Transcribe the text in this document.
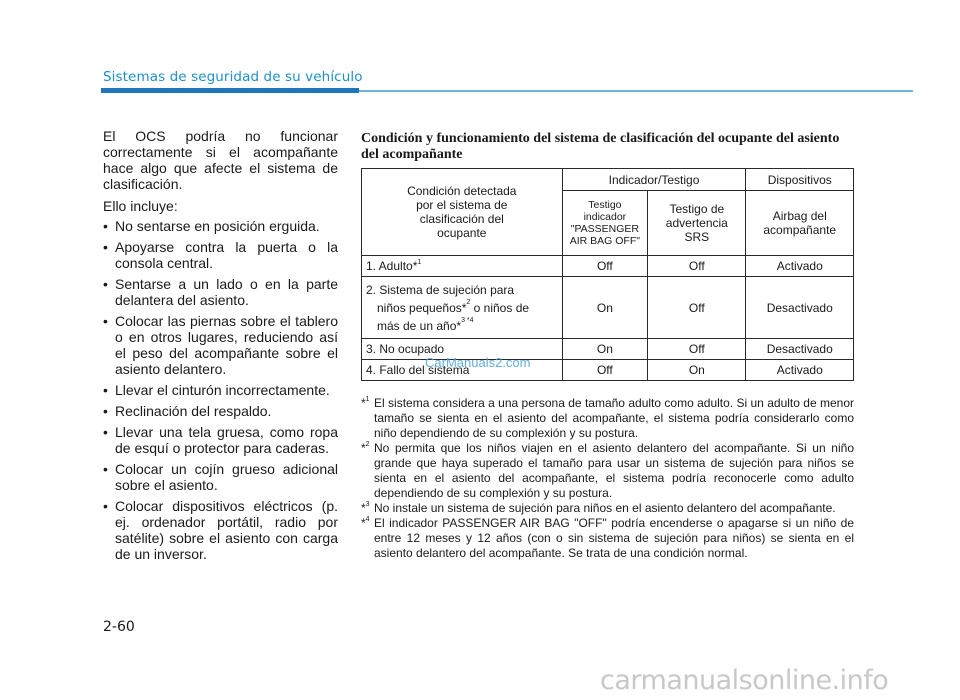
Sistemas de seguridad de su vehículo

El OCS podría no funcionar correctamente si el acompañante hace algo que afecte el sistema de clasificación.

Ello incluye:

• No sentarse en posición erguida.
• Apoyarse contra la puerta o la consola central.
• Sentarse a un lado o en la parte delantera del asiento.
• Colocar las piernas sobre el tablero o en otros lugares, reduciendo así el peso del acompañante sobre el asiento delantero.
• Llevar el cinturón incorrectamente.
• Reclinación del respaldo.
• Llevar una tela gruesa, como ropa de esquí o protector para caderas.
• Colocar un cojín grueso adicional sobre el asiento.
• Colocar dispositivos eléctricos (p. ej. ordenador portátil, radio por satélite) sobre el asiento con carga de un inversor.

Condición y funcionamiento del sistema de clasificación del ocupante del asiento del acompañante

Condición detectada por el sistema de clasificación del ocupante	Indicador/Testigo		Dispositivos
	Testigo indicador "PASSENGER AIR BAG OFF"	Testigo de advertencia SRS	Airbag del acompañante
1. Adulto*$^1$	Off	Off	Activado

2. Sistema de sujeción para
niños pequeños*$^2$ o niños de
más de un año*$^{3 *4}$	On	Off	Desactivado
3. No ocupado	On	Off	Desactivado
4. Fallo del sistema	Off	On	Activado
*$^1$ El sistema considera a una persona de tamaño adulto como adulto. Si un adulto de menor tamaño se sienta en el asiento del acompañante, el sistema podría considerarlo como niño dependiendo de su complexión y su postura.
*$^2$ No permita que los niños viajen en el asiento delantero del acompañante. Si un niño grande que haya superado el tamaño para usar un sistema de sujeción para niños se sienta en el asiento del acompañante, el sistema podría reconocerle como adulto dependiendo de su complexión y su postura.
*$^3$ No instale un sistema de sujeción para niños en el asiento delantero del acompañante.
*$^4$ El indicador PASSENGER AIR BAG "OFF" podría encenderse o apagarse si un niño de entre 12 meses y 12 años (con o sin sistema de sujeción para niños) se sienta en el asiento delantero del acompañante. Se trata de una condición normal.
CarManuals2.com
2-60
carmanualsonline.info
